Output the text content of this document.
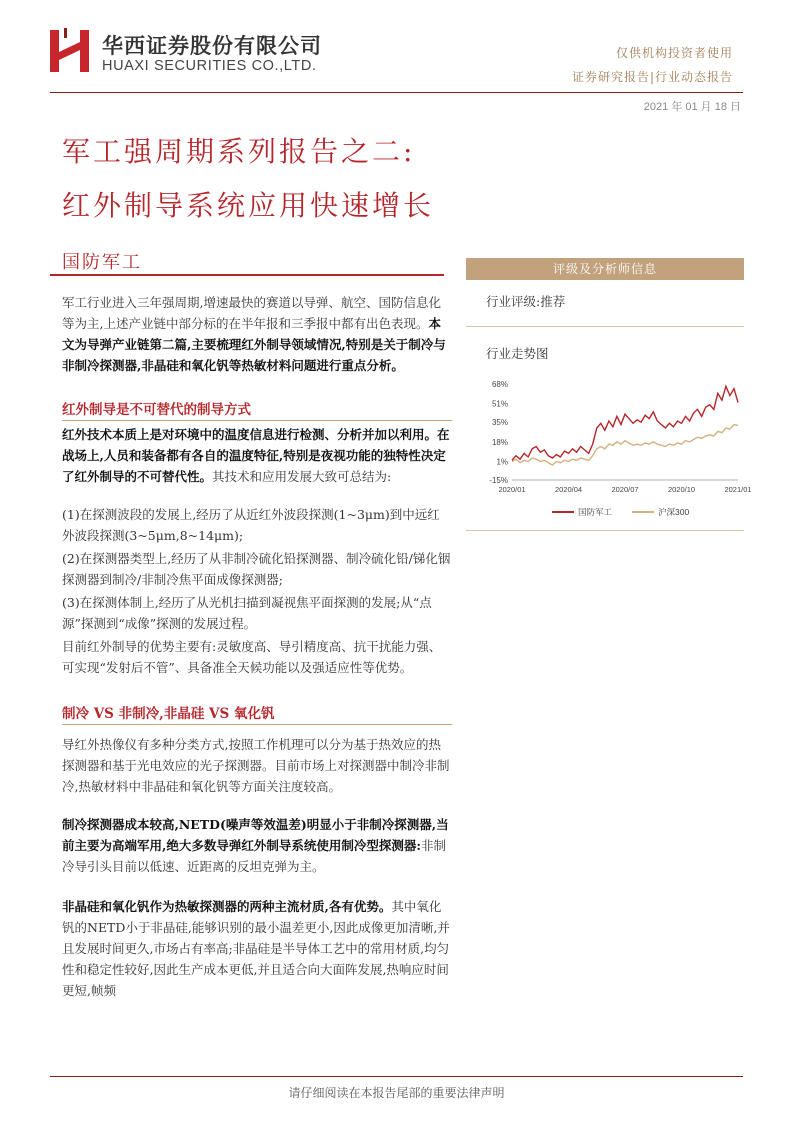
华西证券股份有限公司
HUAXI SECURITIES CO.,LTD.
仅供机构投资者使用
证券研究报告|行业动态报告
2021 年 01 月 18 日
军工强周期系列报告之二:
红外制导系统应用快速增长
国防军工
军工行业进入三年强周期,增速最快的赛道以导弹、航空、国防信息化等为主,上述产业链中部分标的在半年报和三季报中都有出色表现。本文为导弹产业链第二篇,主要梳理红外制导领域情况,特别是关于制冷与非制冷探测器,非晶硅和氧化钒等热敏材料问题进行重点分析。
红外制导是不可替代的制导方式
红外技术本质上是对环境中的温度信息进行检测、分析并加以利用。在战场上,人员和装备都有各自的温度特征,特别是夜视功能的独特性决定了红外制导的不可替代性。其技术和应用发展大致可总结为:
(1)在探测波段的发展上,经历了从近红外波段探测(1~3μm)到中远红外波段探测(3~5μm,8~14μm);
(2)在探测器类型上,经历了从非制冷硫化铅探测器、制冷硫化铅/锑化铟探测器到制冷/非制冷焦平面成像探测器;
(3)在探测体制上,经历了从光机扫描到凝视焦平面探测的发展;从“点源”探测到“成像”探测的发展过程。
目前红外制导的优势主要有:灵敏度高、导引精度高、抗干扰能力强、可实现“发射后不管”、具备准全天候功能以及强适应性等优势。
制冷 VS 非制冷,非晶硅 VS 氧化钒
导红外热像仪有多种分类方式,按照工作机理可以分为基于热效应的热探测器和基于光电效应的光子探测器。目前市场上对探测器中制冷非制冷,热敏材料中非晶硅和氧化钒等方面关注度较高。
制冷探测器成本较高,NETD(噪声等效温差)明显小于非制冷探测器,当前主要为高端军用,绝大多数导弹红外制导系统使用制冷型探测器:非制冷导引头目前以低速、近距离的反坦克弹为主。
非晶硅和氧化钒作为热敏探测器的两种主流材质,各有优势。其中氧化钒的NETD小于非晶硅,能够识别的最小温差更小,因此成像更加清晰,并且发展时间更久,市场占有率高;非晶硅是半导体工艺中的常用材质,均匀性和稳定性较好,因此生产成本更低,并且适合向大面阵发展,热响应时间更短,帧频
评级及分析师信息
行业评级:推荐
行业走势图
68%
51%
35%
18%
1%
-15%
2020/01	2020/04	2020/07	2020/10	2021/01
国防军工	沪深300
请仔细阅读在本报告尾部的重要法律声明
